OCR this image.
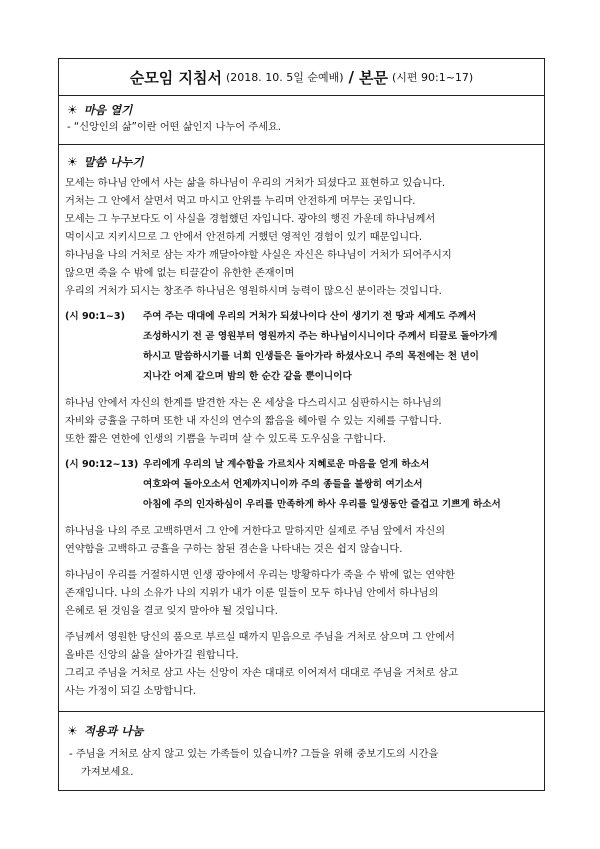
순모임 지침서 (2018. 10. 5일 순예배) / 본문 (시편 90:1~17)
☀ 마음 열기

- “신앙인의 삶”이란 어떤 삶인지 나누어 주세요.

☀ 말씀 나누기
모세는 하나님 안에서 사는 삶을 하나님이 우리의 거처가 되셨다고 표현하고 있습니다.
거처는 그 안에서 살면서 먹고 마시고 안위를 누리며 안전하게 머무는 곳입니다.
모세는 그 누구보다도 이 사실을 경험했던 자입니다. 광야의 행진 가운데 하나님께서
먹이시고 지키시므로 그 안에서 안전하게 거했던 영적인 경험이 있기 때문입니다.
하나님을 나의 거처로 삼는 자가 깨달아야할 사실은 자신은 하나님이 거처가 되어주시지
않으면 죽을 수 밖에 없는 티끌같이 유한한 존재이며
우리의 거처가 되시는 창조주 하나님은 영원하시며 능력이 많으신 분이라는 것입니다.
(시 90:1~3)	주여 주는 대대에 우리의 거처가 되셨나이다 산이 생기기 전 땅과 세계도 주께서
조성하시기 전 곧 영원부터 영원까지 주는 하나님이시니이다 주께서 티끌로 돌아가게
하시고 말씀하시기를 너희 인생들은 돌아가라 하셨사오니 주의 목전에는 천 년이
지나간 어제 같으며 밤의 한 순간 같을 뿐이니이다
하나님 안에서 자신의 한계를 발견한 자는 온 세상을 다스리시고 심판하시는 하나님의
자비와 긍휼을 구하며 또한 내 자신의 연수의 짧음을 헤아릴 수 있는 지혜를 구합니다.
또한 짧은 연한에 인생의 기쁨을 누리며 살 수 있도록 도우심을 구합니다.
(시 90:12~13) 우리에게 우리의 날 계수함을 가르치사 지혜로운 마음을 얻게 하소서
여호와여 돌아오소서 언제까지니이까 주의 종들을 불쌍히 여기소서
아침에 주의 인자하심이 우리를 만족하게 하사 우리를 일생동안 즐겁고 기쁘게 하소서
하나님을 나의 주로 고백하면서 그 안에 거한다고 말하지만 실제로 주님 앞에서 자신의
연약함을 고백하고 긍휼을 구하는 참된 겸손을 나타내는 것은 쉽지 않습니다.
하나님이 우리를 거절하시면 인생 광야에서 우리는 방황하다가 죽을 수 밖에 없는 연약한
존재입니다. 나의 소유가 나의 지위가 내가 이룬 일들이 모두 하나님 안에서 하나님의
은혜로 된 것임을 결코 잊지 말아야 될 것입니다.
주님께서 영원한 당신의 품으로 부르실 때까지 믿음으로 주님을 거처로 삼으며 그 안에서
올바른 신앙의 삶을 살아가길 원합니다.
그리고 주님을 거처로 삼고 사는 신앙이 자손 대대로 이어져서 대대로 주님을 거처로 삼고
사는 가정이 되길 소망합니다.
☀ 적용과 나눔
- 주님을 거처로 삼지 않고 있는 가족들이 있습니까? 그들을 위해 중보기도의 시간을
가져보세요.
